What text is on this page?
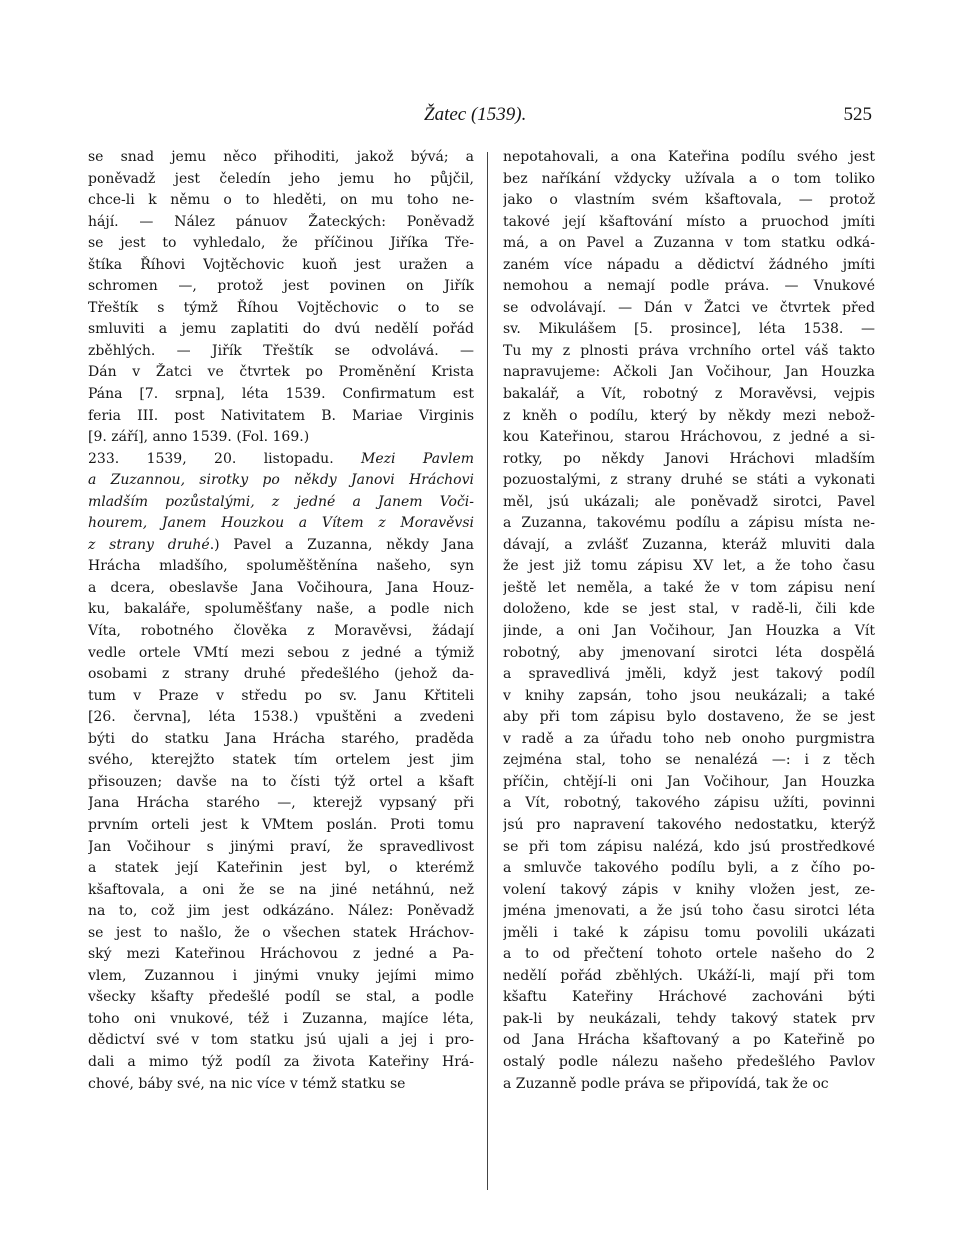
Žatec (1539).	525
se snad jemu něco přihoditi, jakož bývá; a
poněvadž jest čeledín jeho jemu ho půjčil,
chce-li k němu o to hleděti, on mu toho ne-
hájí. — Nález pánuov Žateckých: Poněvadž
se jest to vyhledalo, že příčinou Jiříka Tře-
štíka Říhovi Vojtěchovic kuoň jest uražen a
schromen —, protož jest povinen on Jiřík
Třeštík s týmž Říhou Vojtěchovic o to se
smluviti a jemu zaplatiti do dvú nedělí pořád
zběhlých. — Jiřík Třeštík se odvolává. —
Dán v Žatci ve čtvrtek po Proměnění Krista
Pána [7. srpna], léta 1539. Confirmatum est
feria III. post Nativitatem B. Mariae Virginis
[9. září], anno 1539. (Fol. 169.)
233. 1539, 20. listopadu. Mezi Pavlem
a Zuzannou, sirotky po někdy Janovi Hráchovi
mladším pozůstalými, z jedné a Janem Voči-
hourem, Janem Houzkou a Vítem z Moravěvsi
z strany druhé.) Pavel a Zuzanna, někdy Jana
Hrácha mladšího, spoluměštěnína našeho, syn
a dcera, obeslavše Jana Vočihoura, Jana Houz-
ku, bakaláře, spoluměšťany naše, a podle nich
Víta, robotného člověka z Moravěvsi, žádají
vedle ortele VMtí mezi sebou z jedné a týmiž
osobami z strany druhé předešlého (jehož da-
tum v Praze v středu po sv. Janu Křtiteli
[26. června], léta 1538.) vpuštěni a zvedeni
býti do statku Jana Hrácha starého, praděda
svého, kterejžto statek tím ortelem jest jim
přisouzen; davše na to čísti týž ortel a kšaft
Jana Hrácha starého —, kterejž vypsaný při
prvním orteli jest k VMtem poslán. Proti tomu
Jan Vočihour s jinými praví, že spravedlivost
a statek její Kateřinin jest byl, o kterémž
kšaftovala, a oni že se na jiné netáhnú, než
na to, což jim jest odkázáno. Nález: Poněvadž
se jest to našlo, že o všechen statek Hráchov-
ský mezi Kateřinou Hráchovou z jedné a Pa-
vlem, Zuzannou i jinými vnuky jejími mimo
všecky kšafty předešlé podíl se stal, a podle
toho oni vnukové, též i Zuzanna, majíce léta,
dědictví své v tom statku jsú ujali a jej i pro-
dali a mimo týž podíl za života Kateřiny Hrá-
chové, báby své, na nic více v témž statku se
nepotahovali, a ona Kateřina podílu svého jest
bez naříkání vždycky užívala a o tom toliko
jako o vlastním svém kšaftovala, — protož
takové její kšaftování místo a pruochod jmíti
má, a on Pavel a Zuzanna v tom statku odká-
zaném více nápadu a dědictví žádného jmíti
nemohou a nemají podle práva. — Vnukové
se odvolávají. — Dán v Žatci ve čtvrtek před
sv. Mikulášem [5. prosince], léta 1538. —
Tu my z plnosti práva vrchního ortel váš takto
napravujeme: Ačkoli Jan Vočihour, Jan Houzka
bakalář, a Vít, robotný z Moravěvsi, vejpis
z kněh o podílu, který by někdy mezi nebož-
kou Kateřinou, starou Hráchovou, z jedné a si-
rotky, po někdy Janovi Hráchovi mladším
pozuostalými, z strany druhé se státi a vykonati
měl, jsú ukázali; ale poněvadž sirotci, Pavel
a Zuzanna, takovému podílu a zápisu místa ne-
dávají, a zvlášť Zuzanna, kteráž mluviti dala
že jest již tomu zápisu XV let, a že toho času
ještě let neměla, a také že v tom zápisu není
doloženo, kde se jest stal, v radě-li, čili kde
jinde, a oni Jan Vočihour, Jan Houzka a Vít
robotný, aby jmenovaní sirotci léta dospělá
a spravedlivá jměli, když jest takový podíl
v knihy zapsán, toho jsou neukázali; a také
aby při tom zápisu bylo dostaveno, že se jest
v radě a za úřadu toho neb onoho purgmistra
zejména stal, toho se nenalézá —: i z těch
příčin, chtějí-li oni Jan Vočihour, Jan Houzka
a Vít, robotný, takového zápisu užíti, povinni
jsú pro napravení takového nedostatku, kterýž
se při tom zápisu nalézá, kdo jsú prostředkové
a smluvče takového podílu byli, a z čího po-
volení takový zápis v knihy vložen jest, ze-
jména jmenovati, a že jsú toho času sirotci léta
jměli i také k zápisu tomu povolili ukázati
a to od přečtení tohoto ortele našeho do 2
nedělí pořád zběhlých. Ukáží-li, mají při tom
kšaftu Kateřiny Hráchové zachováni býti
pak-li by neukázali, tehdy takový statek prv
od Jana Hrácha kšaftovaný a po Kateřině po
ostalý podle nálezu našeho předešlého Pavlov
a Zuzanně podle práva se připovídá, tak že oc
